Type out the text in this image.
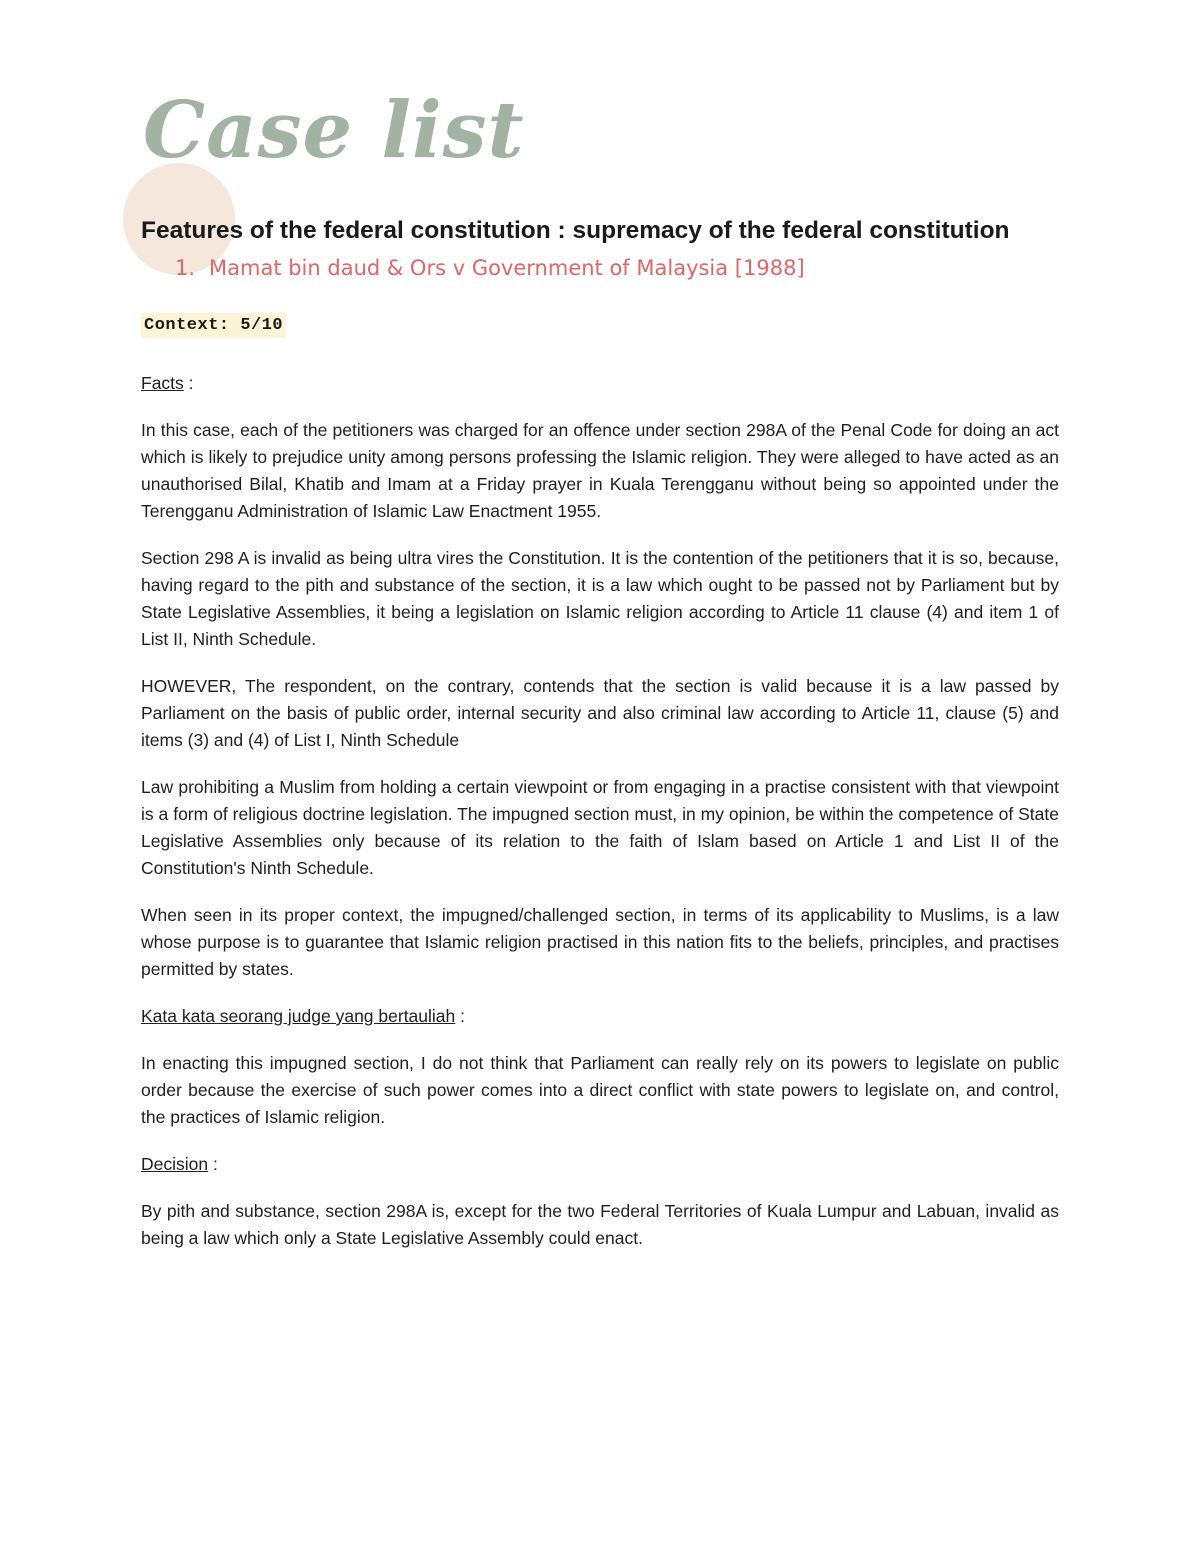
Case list
Features of the federal constitution : supremacy of the federal constitution
1. Mamat bin daud & Ors v Government of Malaysia [1988]
Context: 5/10

Facts :

In this case, each of the petitioners was charged for an offence under section 298A of the Penal Code for doing an act which is likely to prejudice unity among persons professing the Islamic religion. They were alleged to have acted as an unauthorised Bilal, Khatib and Imam at a Friday prayer in Kuala Terengganu without being so appointed under the Terengganu Administration of Islamic Law Enactment 1955.

Section 298 A is invalid as being ultra vires the Constitution. It is the contention of the petitioners that it is so, because, having regard to the pith and substance of the section, it is a law which ought to be passed not by Parliament but by State Legislative Assemblies, it being a legislation on Islamic religion according to Article 11 clause (4) and item 1 of List II, Ninth Schedule.

HOWEVER, The respondent, on the contrary, contends that the section is valid because it is a law passed by Parliament on the basis of public order, internal security and also criminal law according to Article 11, clause (5) and items (3) and (4) of List I, Ninth Schedule

Law prohibiting a Muslim from holding a certain viewpoint or from engaging in a practise consistent with that viewpoint is a form of religious doctrine legislation. The impugned section must, in my opinion, be within the competence of State Legislative Assemblies only because of its relation to the faith of Islam based on Article 1 and List II of the Constitution's Ninth Schedule.

When seen in its proper context, the impugned/challenged section, in terms of its applicability to Muslims, is a law whose purpose is to guarantee that Islamic religion practised in this nation fits to the beliefs, principles, and practises permitted by states.

Kata kata seorang judge yang bertauliah :

In enacting this impugned section, I do not think that Parliament can really rely on its powers to legislate on public order because the exercise of such power comes into a direct conflict with state powers to legislate on, and control, the practices of Islamic religion.

Decision :

By pith and substance, section 298A is, except for the two Federal Territories of Kuala Lumpur and Labuan, invalid as being a law which only a State Legislative Assembly could enact.
